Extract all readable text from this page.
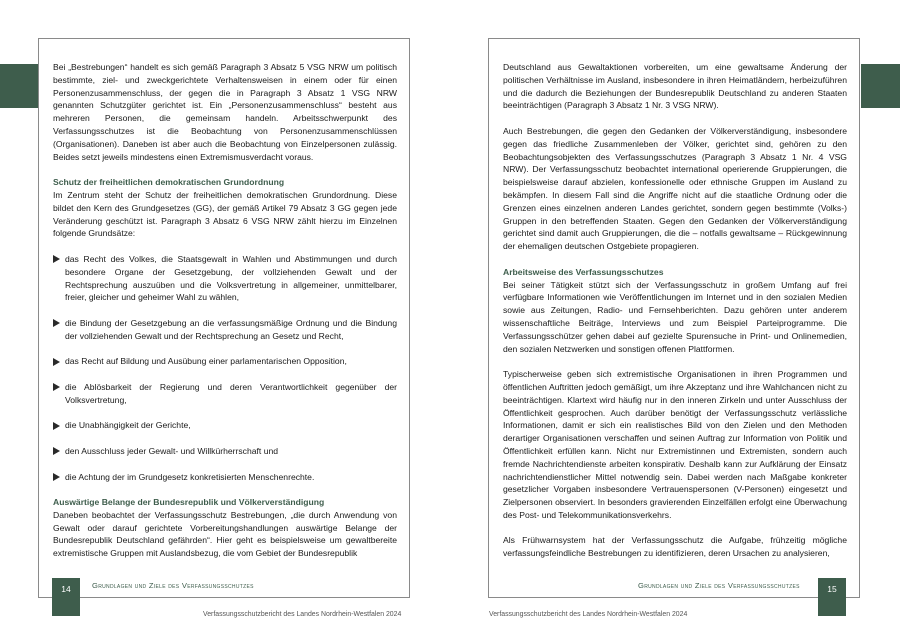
Bei „Bestrebungen“ handelt es sich gemäß Paragraph 3 Absatz 5 VSG NRW um politisch bestimmte, ziel- und zweckgerichtete Verhaltensweisen in einem oder für einen Personenzusammenschluss, der gegen die in Paragraph 3 Absatz 1 VSG NRW genannten Schutzgüter gerichtet ist. Ein „Personenzusammenschluss“ besteht aus mehreren Personen, die gemeinsam handeln. Arbeitsschwerpunkt des Verfassungsschutzes ist die Beobachtung von Personenzusammenschlüssen (Organisationen). Daneben ist aber auch die Beobachtung von Einzelpersonen zulässig. Beides setzt jeweils mindestens einen Extremismusverdacht voraus.

Schutz der freiheitlichen demokratischen Grundordnung
Im Zentrum steht der Schutz der freiheitlichen demokratischen Grundordnung. Diese bildet den Kern des Grundgesetzes (GG), der gemäß Artikel 79 Absatz 3 GG gegen jede Veränderung geschützt ist. Paragraph 3 Absatz 6 VSG NRW zählt hierzu im Einzelnen folgende Grundsätze:

das Recht des Volkes, die Staatsgewalt in Wahlen und Abstimmungen und durch besondere Organe der Gesetzgebung, der vollziehenden Gewalt und der Rechtsprechung auszuüben und die Volksvertretung in allgemeiner, unmittelbarer, freier, gleicher und geheimer Wahl zu wählen,
die Bindung der Gesetzgebung an die verfassungsmäßige Ordnung und die Bindung der vollziehenden Gewalt und der Rechtsprechung an Gesetz und Recht,
das Recht auf Bildung und Ausübung einer parlamentarischen Opposition,
die Ablösbarkeit der Regierung und deren Verantwortlichkeit gegenüber der Volksvertretung,
die Unabhängigkeit der Gerichte,
den Ausschluss jeder Gewalt- und Willkürherrschaft und
die Achtung der im Grundgesetz konkretisierten Menschenrechte.

Auswärtige Belange der Bundesrepublik und Völkerverständigung
Daneben beobachtet der Verfassungsschutz Bestrebungen, „die durch Anwendung von Gewalt oder darauf gerichtete Vorbereitungshandlungen auswärtige Belange der Bundesrepublik Deutschland gefährden“. Hier geht es beispielsweise um gewaltbereite extremistische Gruppen mit Auslandsbezug, die vom Gebiet der Bundesrepublik

14	Grundlagen und Ziele des Verfassungsschutzes
Verfassungsschutzbericht des Landes Nordrhein-Westfalen 2024

Deutschland aus Gewaltaktionen vorbereiten, um eine gewaltsame Änderung der politischen Verhältnisse im Ausland, insbesondere in ihren Heimatländern, herbeizuführen und die dadurch die Beziehungen der Bundesrepublik Deutschland zu anderen Staaten beeinträchtigen (Paragraph 3 Absatz 1 Nr. 3 VSG NRW).

Auch Bestrebungen, die gegen den Gedanken der Völkerverständigung, insbesondere gegen das friedliche Zusammenleben der Völker, gerichtet sind, gehören zu den Beobachtungsobjekten des Verfassungsschutzes (Paragraph 3 Absatz 1 Nr. 4 VSG NRW). Der Verfassungsschutz beobachtet international operierende Gruppierungen, die beispielsweise darauf abzielen, konfessionelle oder ethnische Gruppen im Ausland zu bekämpfen. In diesem Fall sind die Angriffe nicht auf die staatliche Ordnung oder die Grenzen eines einzelnen anderen Landes gerichtet, sondern gegen bestimmte (Volks-) Gruppen in den betreffenden Staaten. Gegen den Gedanken der Völkerverständigung gerichtet sind damit auch Gruppierungen, die die – notfalls gewaltsame – Rückgewinnung der ehemaligen deutschen Ostgebiete propagieren.

Arbeitsweise des Verfassungsschutzes
Bei seiner Tätigkeit stützt sich der Verfassungsschutz in großem Umfang auf frei verfügbare Informationen wie Veröffentlichungen im Internet und in den sozialen Medien sowie aus Zeitungen, Radio- und Fernsehberichten. Dazu gehören unter anderem wissenschaftliche Beiträge, Interviews und zum Beispiel Parteiprogramme. Die Verfassungsschützer gehen dabei auf gezielte Spurensuche in Print- und Onlinemedien, den sozialen Netzwerken und sonstigen offenen Plattformen.

Typischerweise geben sich extremistische Organisationen in ihren Programmen und öffentlichen Auftritten jedoch gemäßigt, um ihre Akzeptanz und ihre Wahlchancen nicht zu beeinträchtigen. Klartext wird häufig nur in den inneren Zirkeln und unter Ausschluss der Öffentlichkeit gesprochen. Auch darüber benötigt der Verfassungsschutz verlässliche Informationen, damit er sich ein realistisches Bild von den Zielen und den Methoden derartiger Organisationen verschaffen und seinen Auftrag zur Information von Politik und Öffentlichkeit erfüllen kann. Nicht nur Extremistinnen und Extremisten, sondern auch fremde Nachrichtendienste arbeiten konspirativ. Deshalb kann zur Aufklärung der Einsatz nachrichtendienstlicher Mittel notwendig sein. Dabei werden nach Maßgabe konkreter gesetzlicher Vorgaben insbesondere Vertrauenspersonen (V-Personen) eingesetzt und Zielpersonen observiert. In besonders gravierenden Einzelfällen erfolgt eine Überwachung des Post- und Telekommunikationsverkehrs.

Als Frühwarnsystem hat der Verfassungsschutz die Aufgabe, frühzeitig mögliche verfassungsfeindliche Bestrebungen zu identifizieren, deren Ursachen zu analysieren,

15
Grundlagen und Ziele des Verfassungsschutzes
Verfassungsschutzbericht des Landes Nordrhein-Westfalen 2024
